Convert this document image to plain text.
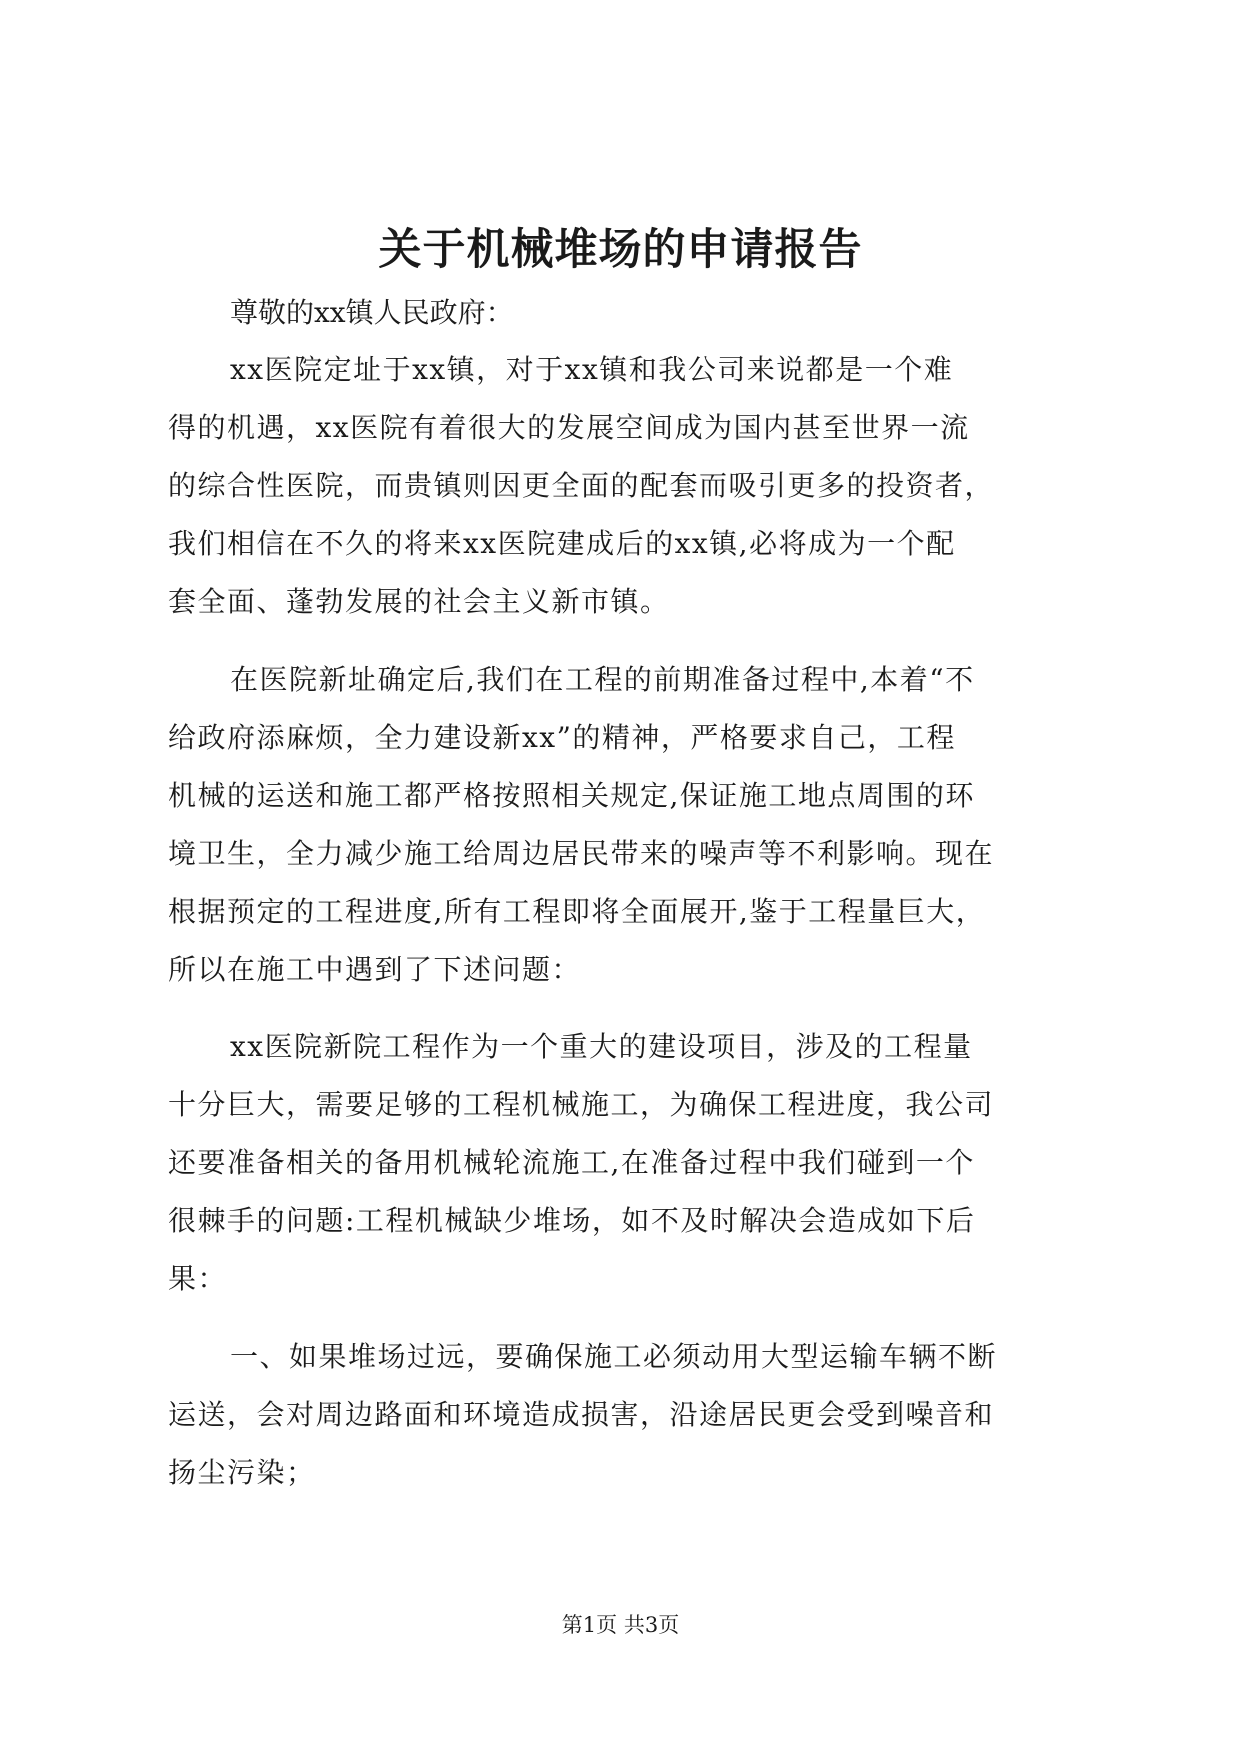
关于机械堆场的申请报告
尊敬的xx镇人民政府：
xx医院定址于xx镇，对于xx镇和我公司来说都是一个难
得的机遇，xx医院有着很大的发展空间成为国内甚至世界一流
的综合性医院，而贵镇则因更全面的配套而吸引更多的投资者，
我们相信在不久的将来xx医院建成后的xx镇,必将成为一个配
套全面、蓬勃发展的社会主义新市镇。
在医院新址确定后,我们在工程的前期准备过程中,本着“不
给政府添麻烦，全力建设新xx”的精神，严格要求自己，工程
机械的运送和施工都严格按照相关规定,保证施工地点周围的环
境卫生，全力减少施工给周边居民带来的噪声等不利影响。现在
根据预定的工程进度,所有工程即将全面展开,鉴于工程量巨大，
所以在施工中遇到了下述问题：
xx医院新院工程作为一个重大的建设项目，涉及的工程量
十分巨大，需要足够的工程机械施工，为确保工程进度，我公司
还要准备相关的备用机械轮流施工,在准备过程中我们碰到一个
很棘手的问题:工程机械缺少堆场，如不及时解决会造成如下后
果：
一、如果堆场过远，要确保施工必须动用大型运输车辆不断
运送，会对周边路面和环境造成损害，沿途居民更会受到噪音和
扬尘污染；
第1页 共3页
